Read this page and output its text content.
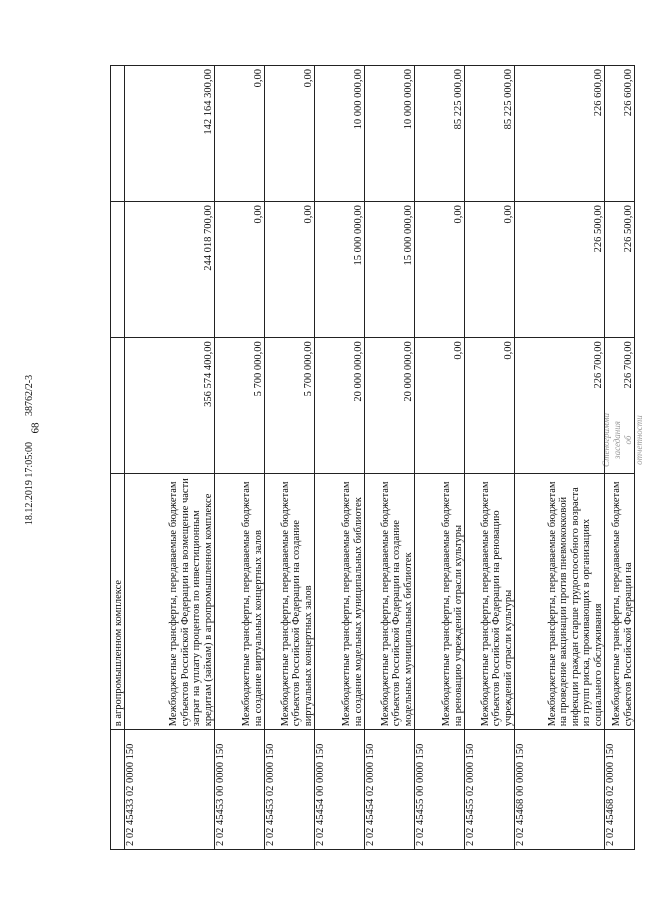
68
18.12.2019 17:05:0038762/2-3
Стенограмма заседания об отчетности
	в агропромышленном комплексе			
2 02 45433 02 0000 150	Межбюджетные трансферты, передаваемые бюджетам субъектов Российской Федерации на возмещение части затрат на уплату процентов по инвестиционным кредитам (займам) в агропромышленном комплексе	356 574 400,00	244 018 700,00	142 164 300,00
2 02 45453 00 0000 150	Межбюджетные трансферты, передаваемые бюджетам на создание виртуальных концертных залов	5 700 000,00	0,00	0,00
2 02 45453 02 0000 150	Межбюджетные трансферты, передаваемые бюджетам субъектов Российской Федерации на создание виртуальных концертных залов	5 700 000,00	0,00	0,00
2 02 45454 00 0000 150	Межбюджетные трансферты, передаваемые бюджетам на создание модельных муниципальных библиотек	20 000 000,00	15 000 000,00	10 000 000,00
2 02 45454 02 0000 150	Межбюджетные трансферты, передаваемые бюджетам субъектов Российской Федерации на создание модельных муниципальных библиотек	20 000 000,00	15 000 000,00	10 000 000,00
2 02 45455 00 0000 150	Межбюджетные трансферты, передаваемые бюджетам на реновацию учреждений отрасли культуры	0,00	0,00	85 225 000,00
2 02 45455 02 0000 150	Межбюджетные трансферты, передаваемые бюджетам субъектов Российской Федерации на реновацию учреждений отрасли культуры	0,00	0,00	85 225 000,00
2 02 45468 00 0000 150	Межбюджетные трансферты, передаваемые бюджетам на проведение вакцинации против пневмококковой инфекции граждан старше трудоспособного возраста из групп риска, проживающих в организациях социального обслуживания	226 700,00	226 500,00	226 600,00
2 02 45468 02 0000 150	Межбюджетные трансферты, передаваемые бюджетам субъектов Российской Федерации на	226 700,00	226 500,00	226 600,00
